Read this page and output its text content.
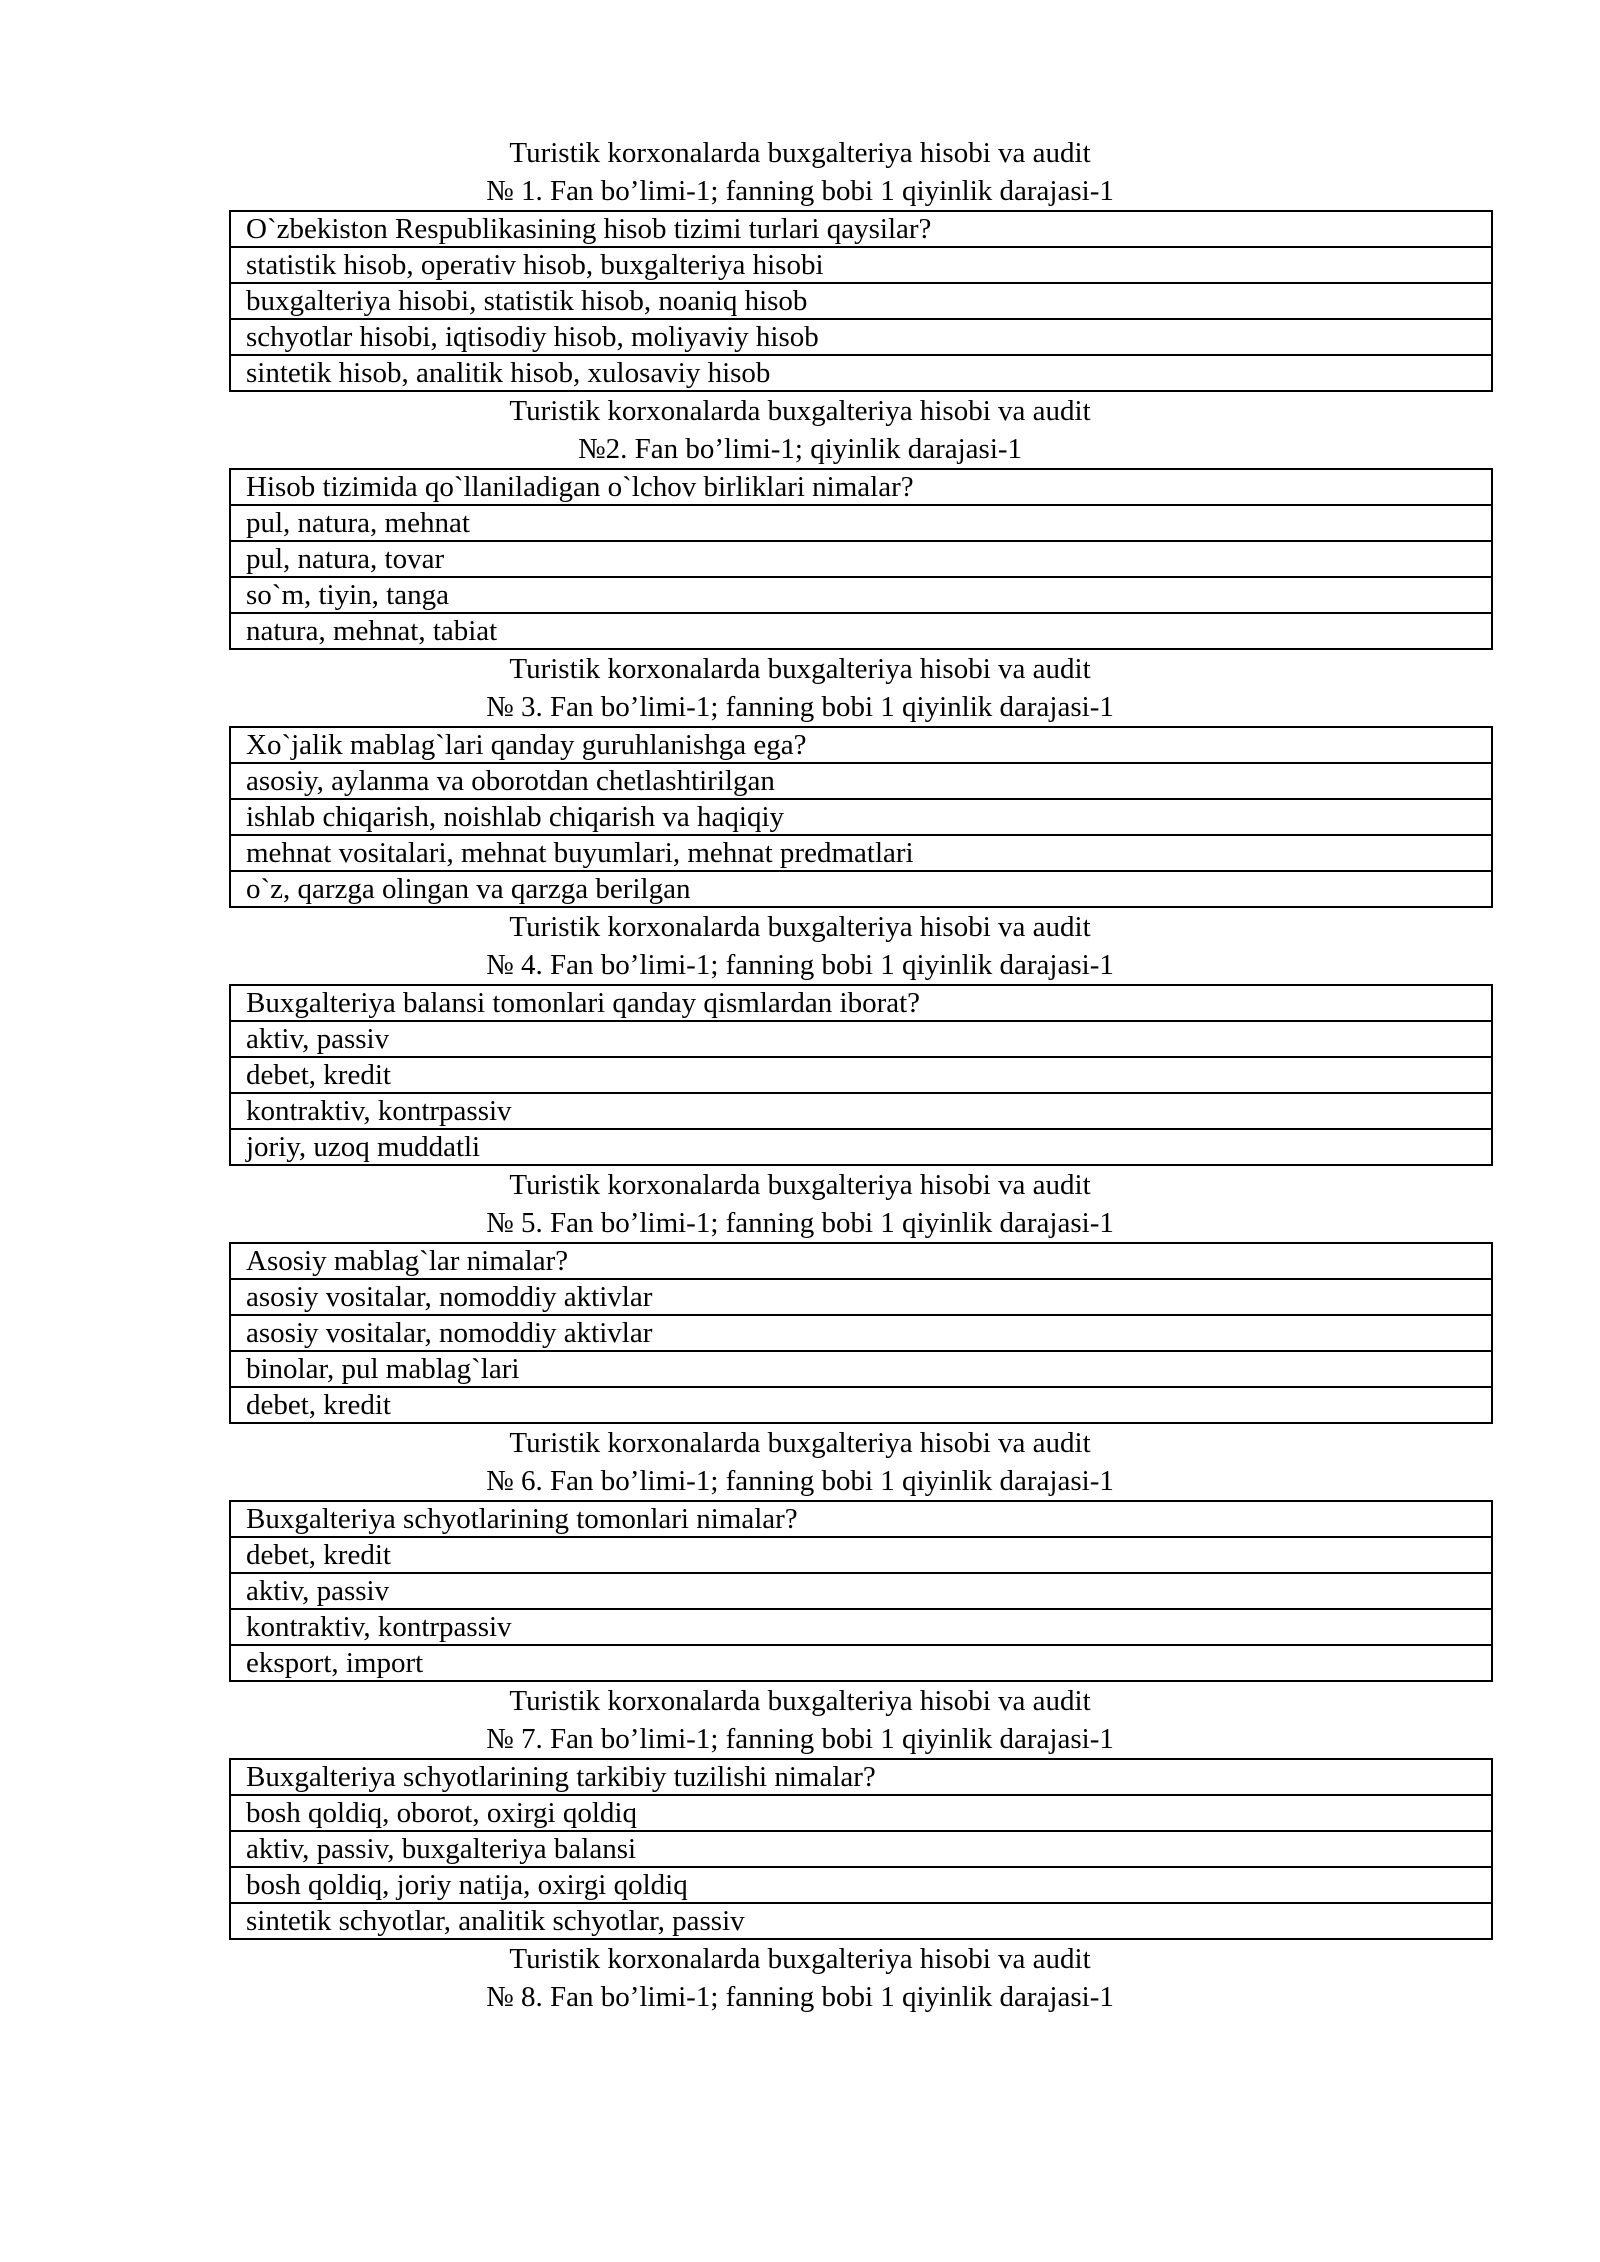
Turistik korxonalarda buxgalteriya hisobi va audit
№ 1. Fan bo’limi-1; fanning bobi 1 qiyinlik darajasi-1
O`zbekiston Respublikasining hisob tizimi turlari qaysilar?
statistik hisob, operativ hisob, buxgalteriya hisobi
buxgalteriya hisobi, statistik hisob, noaniq hisob
schyotlar hisobi, iqtisodiy hisob, moliyaviy hisob
sintetik hisob, analitik hisob, xulosaviy hisob
Turistik korxonalarda buxgalteriya hisobi va audit
№2. Fan bo’limi-1; qiyinlik darajasi-1
Hisob tizimida qo`llaniladigan o`lchov birliklari nimalar?
pul, natura, mehnat
pul, natura, tovar
so`m, tiyin, tanga
natura, mehnat, tabiat
Turistik korxonalarda buxgalteriya hisobi va audit
№ 3. Fan bo’limi-1; fanning bobi 1 qiyinlik darajasi-1
Xo`jalik mablag`lari qanday guruhlanishga ega?
asosiy, aylanma va oborotdan chetlashtirilgan
ishlab chiqarish, noishlab chiqarish va haqiqiy
mehnat vositalari, mehnat buyumlari, mehnat predmatlari
o`z, qarzga olingan va qarzga berilgan
Turistik korxonalarda buxgalteriya hisobi va audit
№ 4. Fan bo’limi-1; fanning bobi 1 qiyinlik darajasi-1
Buxgalteriya balansi tomonlari qanday qismlardan iborat?
aktiv, passiv
debet, kredit
kontraktiv, kontrpassiv
joriy, uzoq muddatli
Turistik korxonalarda buxgalteriya hisobi va audit
№ 5. Fan bo’limi-1; fanning bobi 1 qiyinlik darajasi-1
Asosiy mablag`lar nimalar?
asosiy vositalar, nomoddiy aktivlar
asosiy vositalar, nomoddiy aktivlar
binolar, pul mablag`lari
debet, kredit
Turistik korxonalarda buxgalteriya hisobi va audit
№ 6. Fan bo’limi-1; fanning bobi 1 qiyinlik darajasi-1
Buxgalteriya schyotlarining tomonlari nimalar?
debet, kredit
aktiv, passiv
kontraktiv, kontrpassiv
eksport, import
Turistik korxonalarda buxgalteriya hisobi va audit
№ 7. Fan bo’limi-1; fanning bobi 1 qiyinlik darajasi-1
Buxgalteriya schyotlarining tarkibiy tuzilishi nimalar?
bosh qoldiq, oborot, oxirgi qoldiq
aktiv, passiv, buxgalteriya balansi
bosh qoldiq, joriy natija, oxirgi qoldiq
sintetik schyotlar, analitik schyotlar, passiv
Turistik korxonalarda buxgalteriya hisobi va audit
№ 8. Fan bo’limi-1; fanning bobi 1 qiyinlik darajasi-1
